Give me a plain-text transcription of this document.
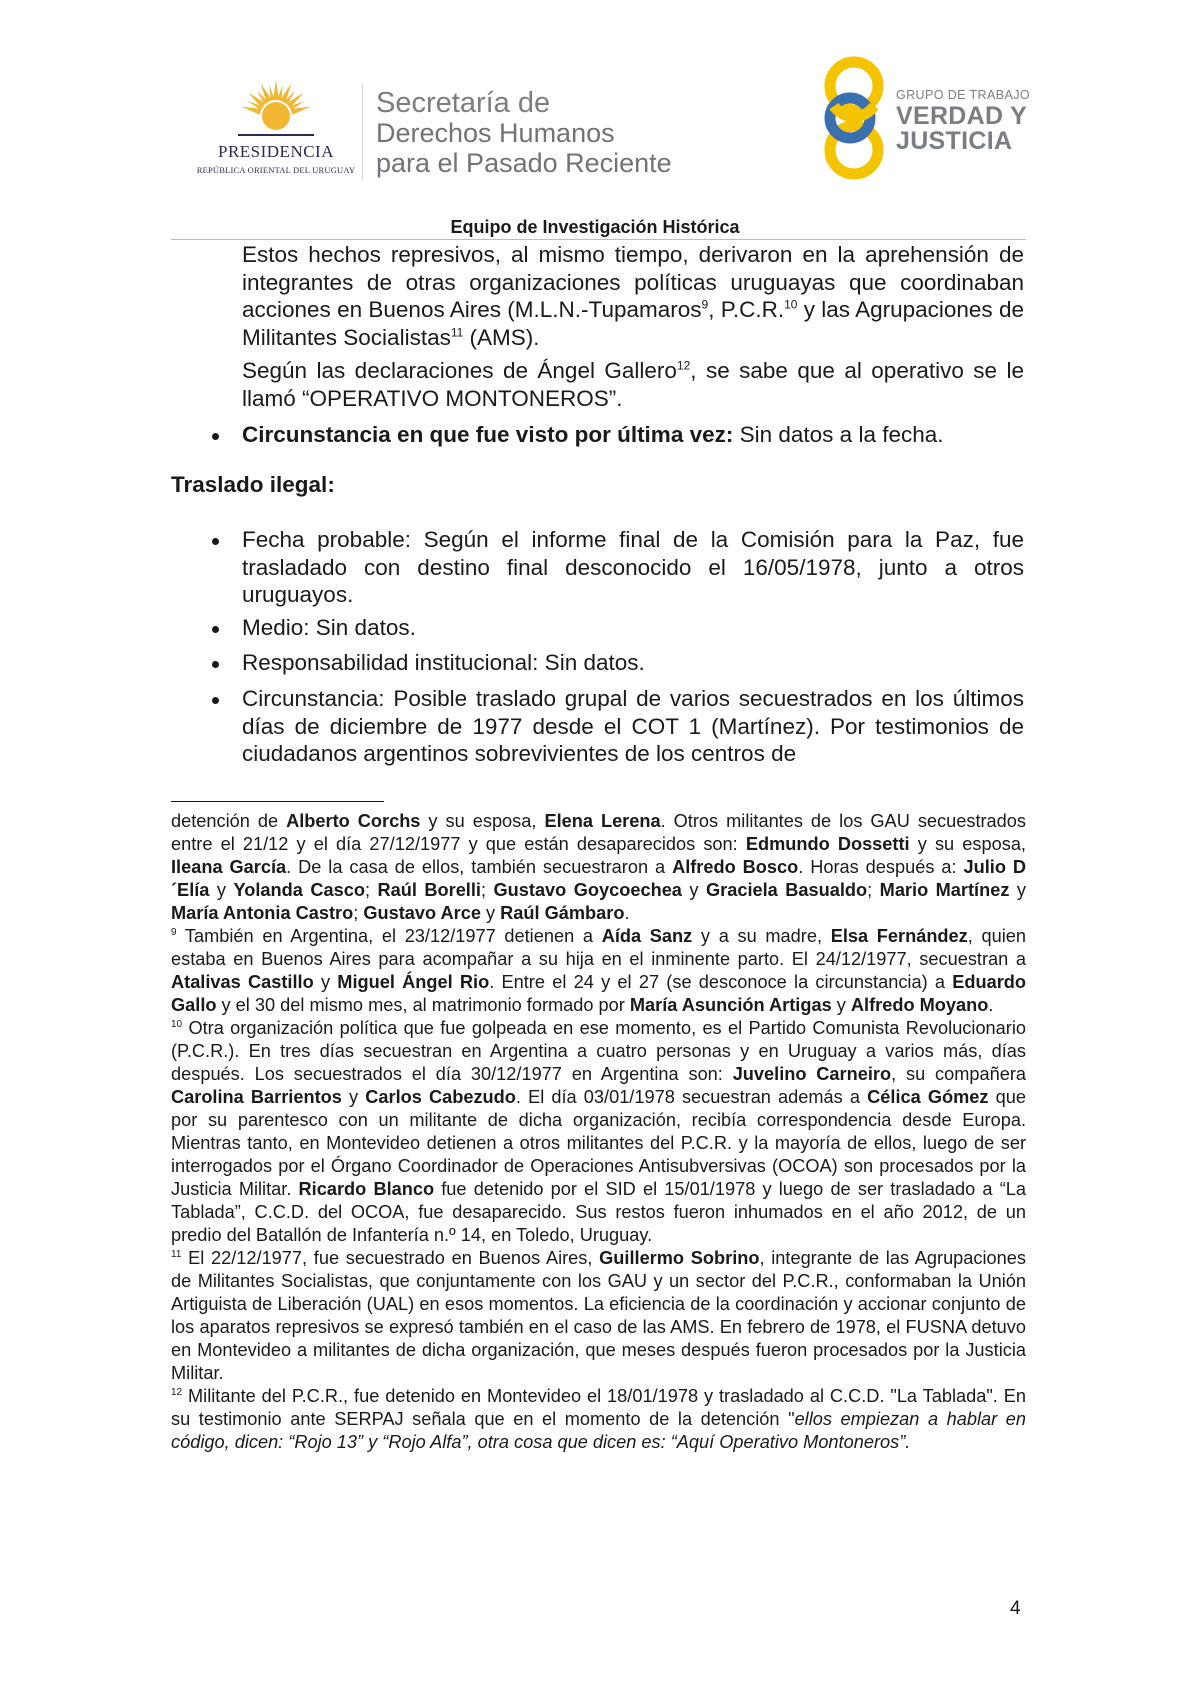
PRESIDENCIA
REPÚBLICA ORIENTAL DEL URUGUAY
Secretaría de
Derechos Humanos
para el Pasado Reciente
GRUPO DE TRABAJO
VERDAD Y
JUSTICIA
Equipo de Investigación Histórica
Estos hechos represivos, al mismo tiempo, derivaron en la aprehensión de integrantes de otras organizaciones políticas uruguayas que coordinaban acciones en Buenos Aires (M.L.N.-Tupamaros$^9$, P.C.R.$^{10}$ y las Agrupaciones de Militantes Socialistas$^{11}$ (AMS).
Según las declaraciones de Ángel Gallero$^{12}$, se sabe que al operativo se le llamó “OPERATIVO MONTONEROS”.
Circunstancia en que fue visto por última vez: Sin datos a la fecha.
Traslado ilegal:
Fecha probable: Según el informe final de la Comisión para la Paz, fue trasladado con destino final desconocido el 16/05/1978, junto a otros uruguayos.
Medio: Sin datos.
Responsabilidad institucional: Sin datos.
Circunstancia: Posible traslado grupal de varios secuestrados en los últimos días de diciembre de 1977 desde el COT 1 (Martínez). Por testimonios de ciudadanos argentinos sobrevivientes de los centros de

detención de Alberto Corchs y su esposa, Elena Lerena. Otros militantes de los GAU secuestrados entre el 21/12 y el día 27/12/1977 y que están desaparecidos son: Edmundo Dossetti y su esposa, Ileana García. De la casa de ellos, también secuestraron a Alfredo Bosco. Horas después a: Julio D´Elía y Yolanda Casco; Raúl Borelli; Gustavo Goycoechea y Graciela Basualdo; Mario Martínez y María Antonia Castro; Gustavo Arce y Raúl Gámbaro.

$^9$ También en Argentina, el 23/12/1977 detienen a Aída Sanz y a su madre, Elsa Fernández, quien estaba en Buenos Aires para acompañar a su hija en el inminente parto. El 24/12/1977, secuestran a Atalivas Castillo y Miguel Ángel Rio. Entre el 24 y el 27 (se desconoce la circunstancia) a Eduardo Gallo y el 30 del mismo mes, al matrimonio formado por María Asunción Artigas y Alfredo Moyano.

$^{10}$ Otra organización política que fue golpeada en ese momento, es el Partido Comunista Revolucionario (P.C.R.). En tres días secuestran en Argentina a cuatro personas y en Uruguay a varios más, días después. Los secuestrados el día 30/12/1977 en Argentina son: Juvelino Carneiro, su compañera Carolina Barrientos y Carlos Cabezudo. El día 03/01/1978 secuestran además a Célica Gómez que por su parentesco con un militante de dicha organización, recibía correspondencia desde Europa. Mientras tanto, en Montevideo detienen a otros militantes del P.C.R. y la mayoría de ellos, luego de ser interrogados por el Órgano Coordinador de Operaciones Antisubversivas (OCOA) son procesados por la Justicia Militar. Ricardo Blanco fue detenido por el SID el 15/01/1978 y luego de ser trasladado a “La Tablada”, C.C.D. del OCOA, fue desaparecido. Sus restos fueron inhumados en el año 2012, de un predio del Batallón de Infantería n.º 14, en Toledo, Uruguay.

$^{11}$ El 22/12/1977, fue secuestrado en Buenos Aires, Guillermo Sobrino, integrante de las Agrupaciones de Militantes Socialistas, que conjuntamente con los GAU y un sector del P.C.R., conformaban la Unión Artiguista de Liberación (UAL) en esos momentos. La eficiencia de la coordinación y accionar conjunto de los aparatos represivos se expresó también en el caso de las AMS. En febrero de 1978, el FUSNA detuvo en Montevideo a militantes de dicha organización, que meses después fueron procesados por la Justicia Militar.

$^{12}$ Militante del P.C.R., fue detenido en Montevideo el 18/01/1978 y trasladado al C.C.D. "La Tablada". En su testimonio ante SERPAJ señala que en el momento de la detención "ellos empiezan a hablar en código, dicen: “Rojo 13” y “Rojo Alfa”, otra cosa que dicen es: “Aquí Operativo Montoneros”.

4
